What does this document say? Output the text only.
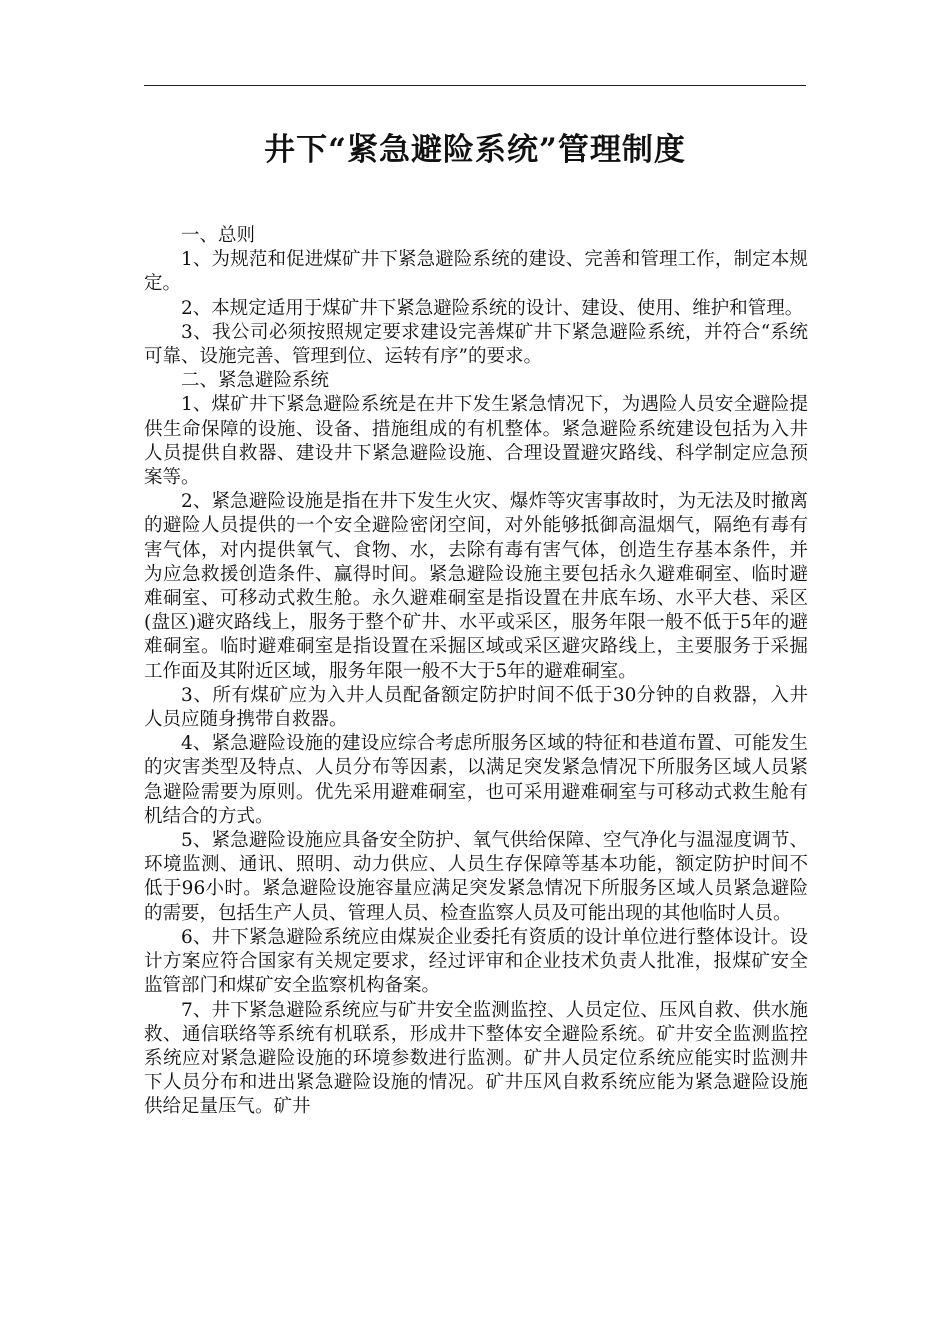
井下“紧急避险系统”管理制度

一、总则

1、为规范和促进煤矿井下紧急避险系统的建设、完善和管理工作，制定本规定。

2、本规定适用于煤矿井下紧急避险系统的设计、建设、使用、维护和管理。

3、我公司必须按照规定要求建设完善煤矿井下紧急避险系统，并符合“系统可靠、设施完善、管理到位、运转有序”的要求。

二、紧急避险系统

1、煤矿井下紧急避险系统是在井下发生紧急情况下，为遇险人员安全避险提供生命保障的设施、设备、措施组成的有机整体。紧急避险系统建设包括为入井人员提供自救器、建设井下紧急避险设施、合理设置避灾路线、科学制定应急预案等。

2、紧急避险设施是指在井下发生火灾、爆炸等灾害事故时，为无法及时撤离的避险人员提供的一个安全避险密闭空间，对外能够抵御高温烟气，隔绝有毒有害气体，对内提供氧气、食物、水，去除有毒有害气体，创造生存基本条件，并为应急救援创造条件、赢得时间。紧急避险设施主要包括永久避难硐室、临时避难硐室、可移动式救生舱。永久避难硐室是指设置在井底车场、水平大巷、采区(盘区)避灾路线上，服务于整个矿井、水平或采区，服务年限一般不低于5年的避难硐室。临时避难硐室是指设置在采掘区域或采区避灾路线上，主要服务于采掘工作面及其附近区域，服务年限一般不大于5年的避难硐室。

3、所有煤矿应为入井人员配备额定防护时间不低于30分钟的自救器，入井人员应随身携带自救器。

4、紧急避险设施的建设应综合考虑所服务区域的特征和巷道布置、可能发生的灾害类型及特点、人员分布等因素，以满足突发紧急情况下所服务区域人员紧急避险需要为原则。优先采用避难硐室，也可采用避难硐室与可移动式救生舱有机结合的方式。

5、紧急避险设施应具备安全防护、氧气供给保障、空气净化与温湿度调节、环境监测、通讯、照明、动力供应、人员生存保障等基本功能，额定防护时间不低于96小时。紧急避险设施容量应满足突发紧急情况下所服务区域人员紧急避险的需要，包括生产人员、管理人员、检查监察人员及可能出现的其他临时人员。

6、井下紧急避险系统应由煤炭企业委托有资质的设计单位进行整体设计。设计方案应符合国家有关规定要求，经过评审和企业技术负责人批准，报煤矿安全监管部门和煤矿安全监察机构备案。

7、井下紧急避险系统应与矿井安全监测监控、人员定位、压风自救、供水施救、通信联络等系统有机联系，形成井下整体安全避险系统。矿井安全监测监控系统应对紧急避险设施的环境参数进行监测。矿井人员定位系统应能实时监测井下人员分布和进出紧急避险设施的情况。矿井压风自救系统应能为紧急避险设施供给足量压气。矿井
